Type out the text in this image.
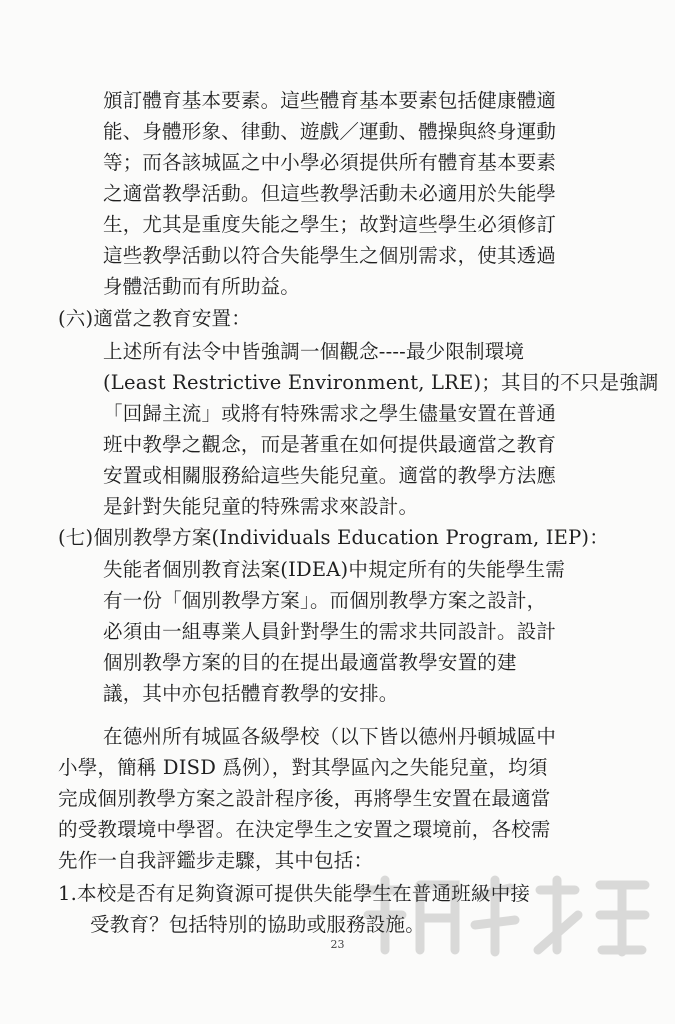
頒訂體育基本要素。這些體育基本要素包括健康體適
能、身體形象、律動、遊戲／運動、體操與終身運動
等；而各該城區之中小學必須提供所有體育基本要素
之適當教學活動。但這些教學活動未必適用於失能學
生，尤其是重度失能之學生；故對這些學生必須修訂
這些教學活動以符合失能學生之個別需求，使其透過
身體活動而有所助益。
(六)適當之教育安置：
上述所有法令中皆強調一個觀念----最少限制環境
(Least Restrictive Environment, LRE)；其目的不只是強調
「回歸主流」或將有特殊需求之學生儘量安置在普通
班中教學之觀念，而是著重在如何提供最適當之教育
安置或相關服務給這些失能兒童。適當的教學方法應
是針對失能兒童的特殊需求來設計。
(七)個別教學方案(Individuals Education Program, IEP)：
失能者個別教育法案(IDEA)中規定所有的失能學生需
有一份「個別教學方案」。而個別教學方案之設計，
必須由一組專業人員針對學生的需求共同設計。設計
個別教學方案的目的在提出最適當教學安置的建
議，其中亦包括體育教學的安排。
在德州所有城區各級學校（以下皆以德州丹頓城區中
小學，簡稱 DISD 爲例），對其學區內之失能兒童，均須
完成個別教學方案之設計程序後，再將學生安置在最適當
的受教環境中學習。在決定學生之安置之環境前，各校需
先作一自我評鑑步走驟，其中包括：
1.本校是否有足夠資源可提供失能學生在普通班級中接
受教育？包括特別的協助或服務設施。
23
